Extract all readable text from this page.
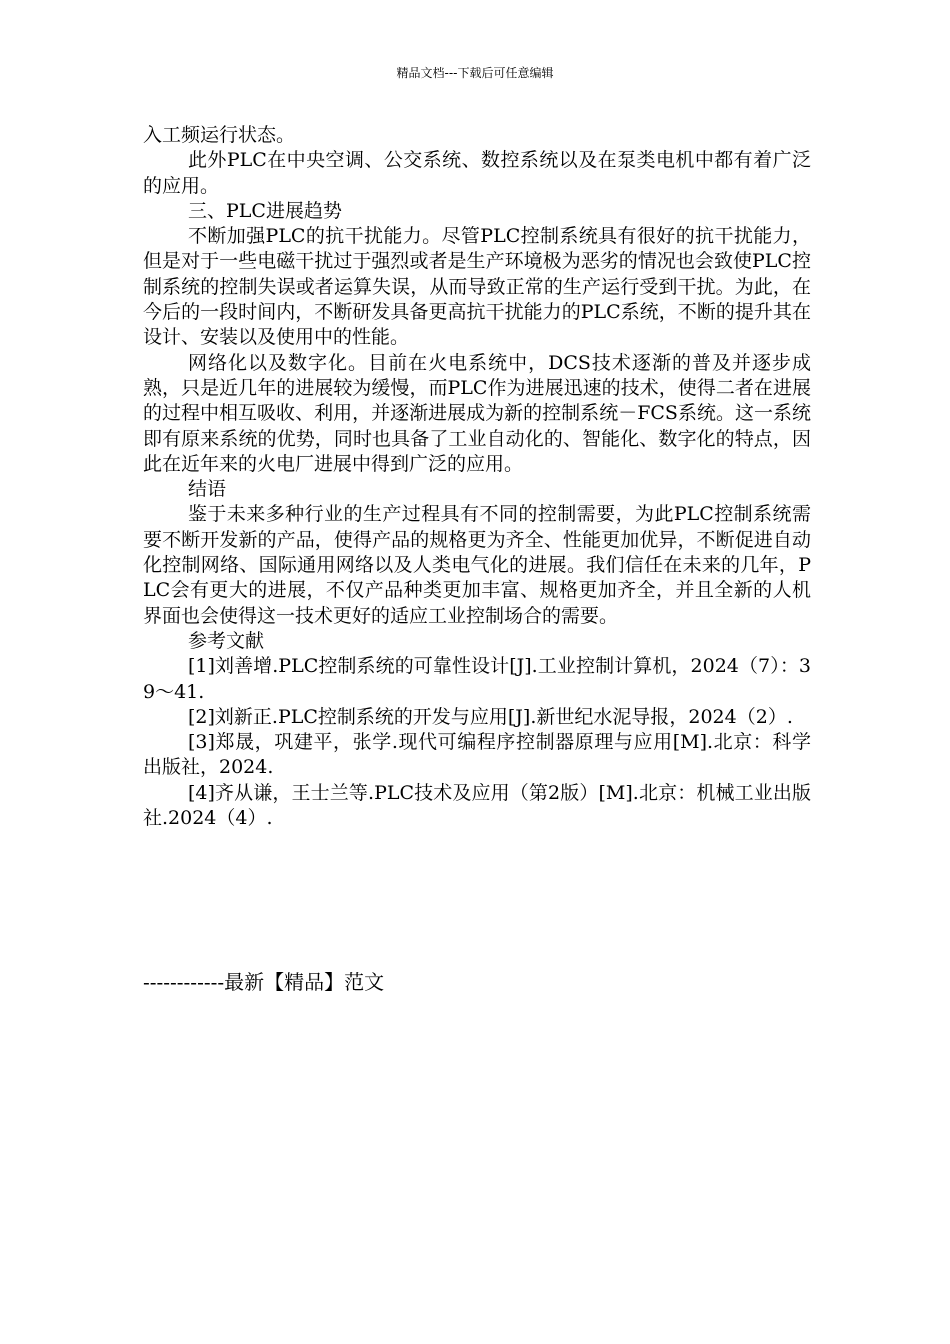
精品文档---下载后可任意编辑

入工频运行状态。

此外PLC在中央空调、公交系统、数控系统以及在泵类电机中都有着广泛的应用。

三、PLC进展趋势

不断加强PLC的抗干扰能力。尽管PLC控制系统具有很好的抗干扰能力，但是对于一些电磁干扰过于强烈或者是生产环境极为恶劣的情况也会致使PLC控制系统的控制失误或者运算失误，从而导致正常的生产运行受到干扰。为此，在今后的一段时间内，不断研发具备更高抗干扰能力的PLC系统，不断的提升其在设计、安装以及使用中的性能。

网络化以及数字化。目前在火电系统中，DCS技术逐渐的普及并逐步成熟，只是近几年的进展较为缓慢，而PLC作为进展迅速的技术，使得二者在进展的过程中相互吸收、利用，并逐渐进展成为新的控制系统－FCS系统。这一系统即有原来系统的优势，同时也具备了工业自动化的、智能化、数字化的特点，因此在近年来的火电厂进展中得到广泛的应用。

结语

鉴于未来多种行业的生产过程具有不同的控制需要，为此PLC控制系统需要不断开发新的产品，使得产品的规格更为齐全、性能更加优异，不断促进自动化控制网络、国际通用网络以及人类电气化的进展。我们信任在未来的几年，PLC会有更大的进展，不仅产品种类更加丰富、规格更加齐全，并且全新的人机界面也会使得这一技术更好的适应工业控制场合的需要。

参考文献

[1]刘善增.PLC控制系统的可靠性设计[J].工业控制计算机，2024（7）：39～41.

[2]刘新正.PLC控制系统的开发与应用[J].新世纪水泥导报，2024（2）.

[3]郑晟，巩建平，张学.现代可编程序控制器原理与应用[M].北京：科学出版社，2024.

[4]齐从谦，王士兰等.PLC技术及应用（第2版）[M].北京：机械工业出版社.2024（4）.

------------最新【精品】范文
